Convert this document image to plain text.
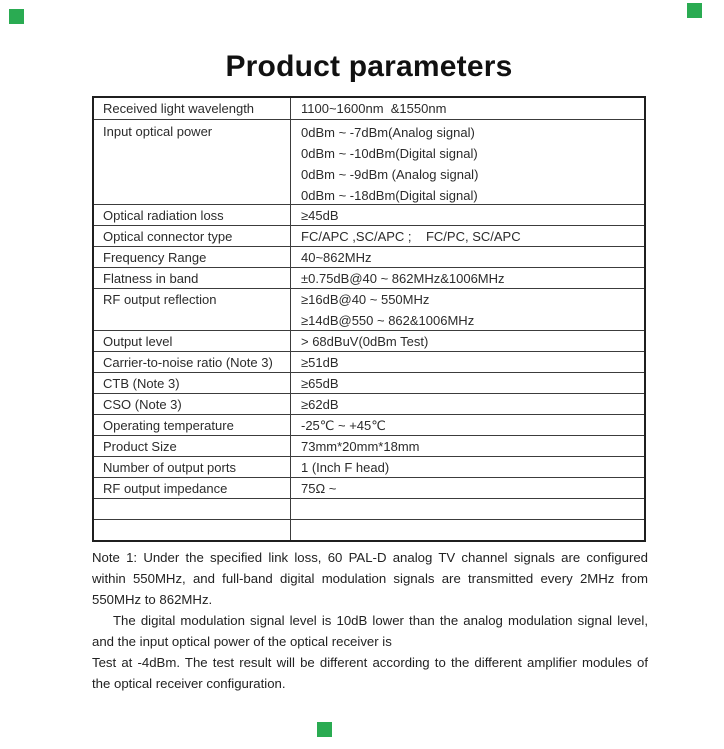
Product parameters
Received light wavelength	1100~1600nm  &1550nm
Input optical power	0dBm ~ -7dBm(Analog signal)
0dBm ~ -10dBm(Digital signal)
0dBm ~ -9dBm (Analog signal)
0dBm ~ -18dBm(Digital signal)
Optical radiation loss	≥45dB
Optical connector type	FC/APC ,SC/APC ;    FC/PC, SC/APC
Frequency Range	40~862MHz
Flatness in band	±0.75dB@40 ~ 862MHz&1006MHz
RF output reflection	≥16dB@40 ~ 550MHz
≥14dB@550 ~ 862&1006MHz
Output level	> 68dBuV(0dBm Test)
Carrier-to-noise ratio (Note 3)	≥51dB
CTB (Note 3)	≥65dB
CSO (Note 3)	≥62dB
Operating temperature	-25℃ ~ +45℃
Product Size	73mm*20mm*18mm
Number of output ports	1 (Inch F head)
RF output impedance	75Ω ~
Note 1: Under the specified link loss, 60 PAL-D analog TV channel signals are configured
within 550MHz, and full-band digital modulation signals are transmitted every 2MHz from
550MHz to 862MHz.
The digital modulation signal level is 10dB lower than the analog modulation signal level,
and the input optical power of the optical receiver is
Test at -4dBm. The test result will be different according to the different amplifier modules of
the optical receiver configuration.
